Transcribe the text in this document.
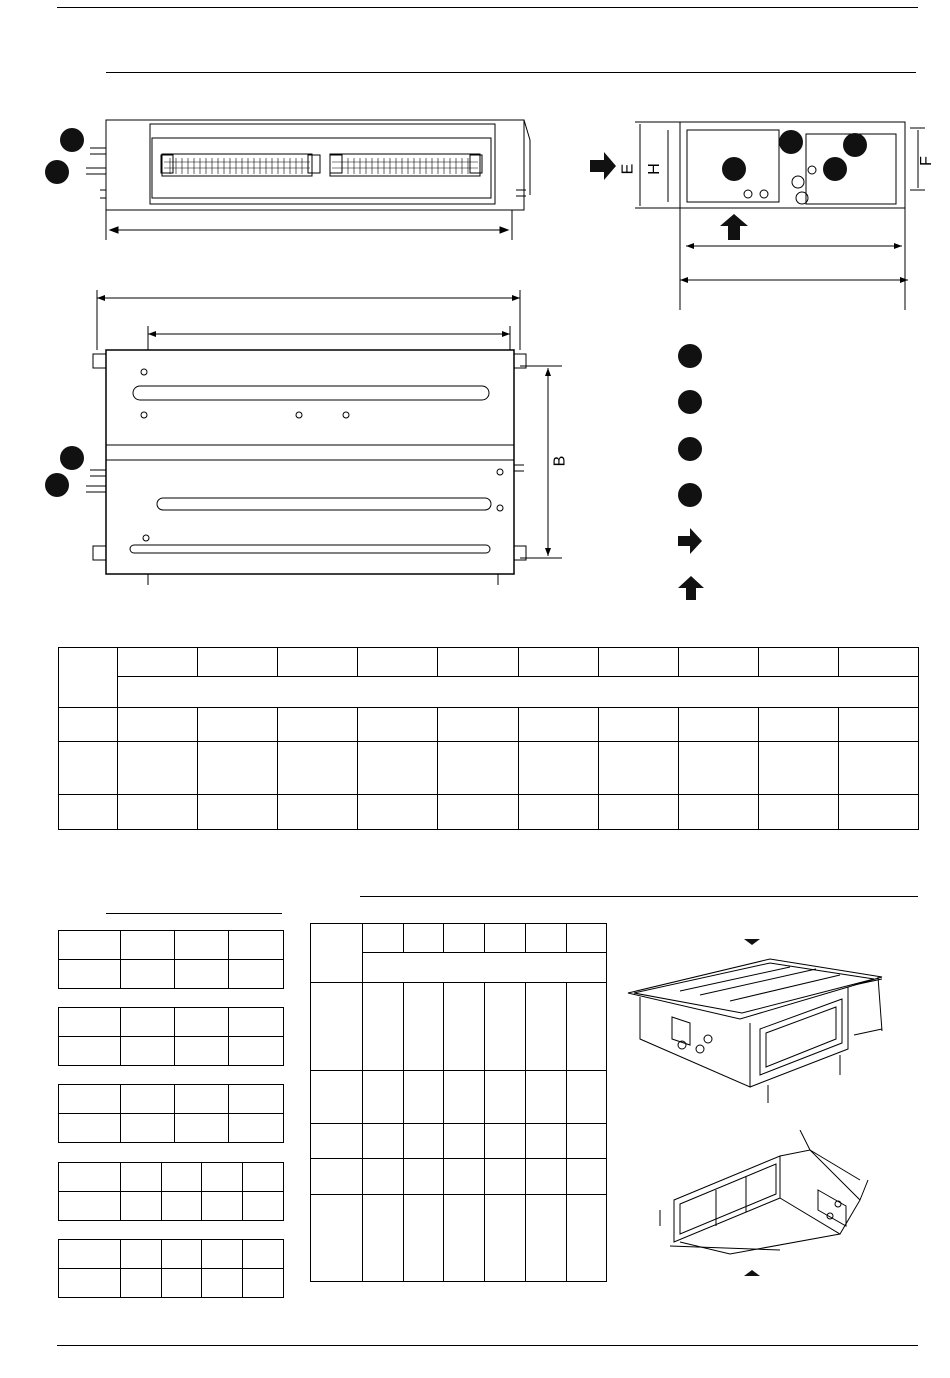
E H
F
B
